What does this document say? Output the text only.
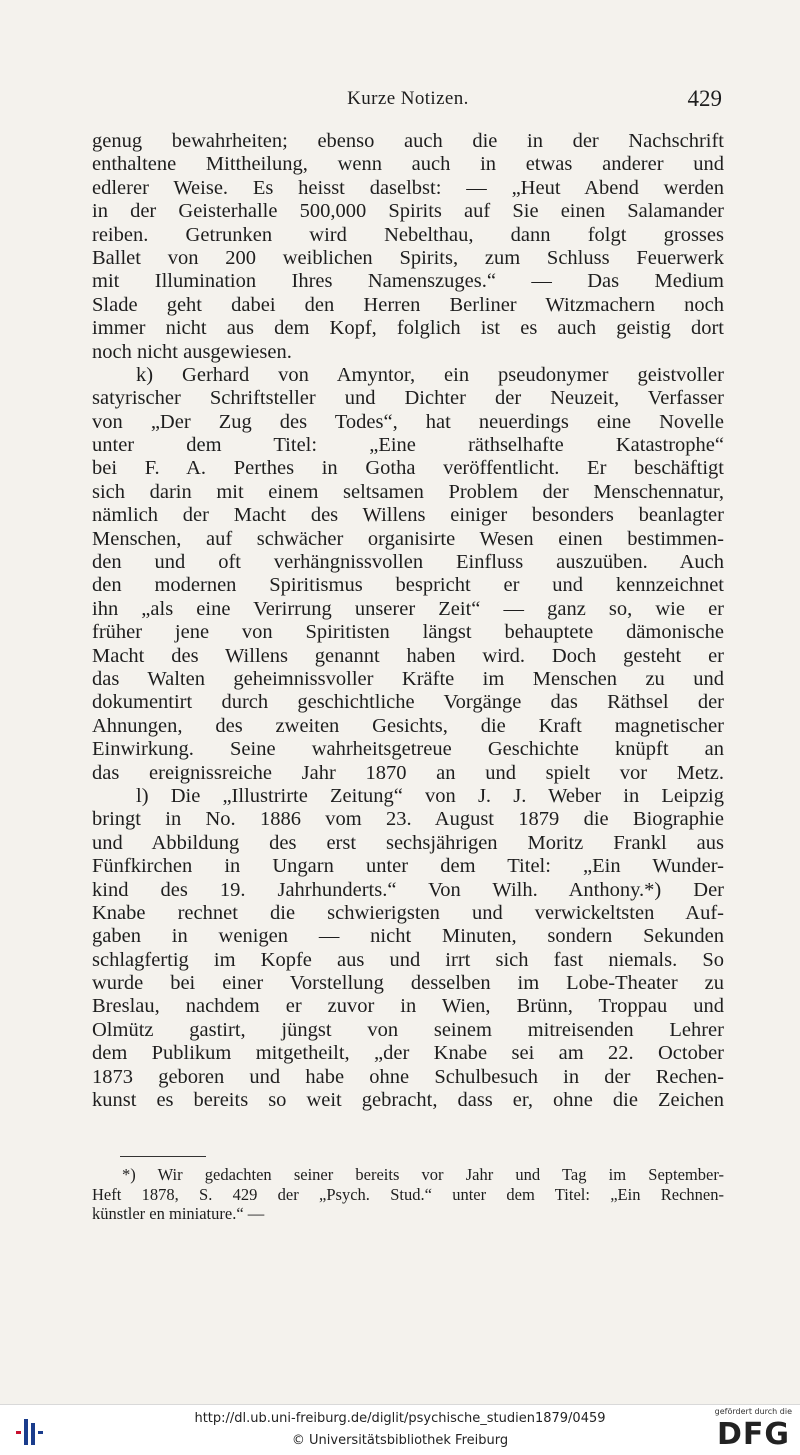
Kurze Notizen.	429
genug bewahrheiten; ebenso auch die in der Nachschrift
enthaltene Mittheilung, wenn auch in etwas anderer und
edlerer Weise. Es heisst daselbst: — „Heut Abend werden
in der Geisterhalle 500,000 Spirits auf Sie einen Salamander
reiben. Getrunken wird Nebelthau, dann folgt grosses
Ballet von 200 weiblichen Spirits, zum Schluss Feuerwerk
mit Illumination Ihres Namenszuges.“ — Das Medium
Slade geht dabei den Herren Berliner Witzmachern noch
immer nicht aus dem Kopf, folglich ist es auch geistig dort
noch nicht ausgewiesen.
k) Gerhard von Amyntor, ein pseudonymer geistvoller
satyrischer Schriftsteller und Dichter der Neuzeit, Verfasser
von „Der Zug des Todes“, hat neuerdings eine Novelle
unter dem Titel: „Eine räthselhafte Katastrophe“
bei F. A. Perthes in Gotha veröffentlicht. Er beschäftigt
sich darin mit einem seltsamen Problem der Menschennatur,
nämlich der Macht des Willens einiger besonders beanlagter
Menschen, auf schwächer organisirte Wesen einen bestimmen-
den und oft verhängnissvollen Einfluss auszuüben. Auch
den modernen Spiritismus bespricht er und kennzeichnet
ihn „als eine Verirrung unserer Zeit“ — ganz so, wie er
früher jene von Spiritisten längst behauptete dämonische
Macht des Willens genannt haben wird. Doch gesteht er
das Walten geheimnissvoller Kräfte im Menschen zu und
dokumentirt durch geschichtliche Vorgänge das Räthsel der
Ahnungen, des zweiten Gesichts, die Kraft magnetischer
Einwirkung. Seine wahrheitsgetreue Geschichte knüpft an
das ereignissreiche Jahr 1870 an und spielt vor Metz.
l) Die „Illustrirte Zeitung“ von J. J. Weber in Leipzig
bringt in No. 1886 vom 23. August 1879 die Biographie
und Abbildung des erst sechsjährigen Moritz Frankl aus
Fünfkirchen in Ungarn unter dem Titel: „Ein Wunder-
kind des 19. Jahrhunderts.“ Von Wilh. Anthony.*) Der
Knabe rechnet die schwierigsten und verwickeltsten Auf-
gaben in wenigen — nicht Minuten, sondern Sekunden
schlagfertig im Kopfe aus und irrt sich fast niemals. So
wurde bei einer Vorstellung desselben im Lobe-Theater zu
Breslau, nachdem er zuvor in Wien, Brünn, Troppau und
Olmütz gastirt, jüngst von seinem mitreisenden Lehrer
dem Publikum mitgetheilt, „der Knabe sei am 22. October
1873 geboren und habe ohne Schulbesuch in der Rechen-
kunst es bereits so weit gebracht, dass er, ohne die Zeichen
*) Wir gedachten seiner bereits vor Jahr und Tag im September-
Heft 1878, S. 429 der „Psych. Stud.“ unter dem Titel: „Ein Rechnen-
künstler en miniature.“ —
http://dl.ub.uni-freiburg.de/diglit/psychische_studien1879/0459
© Universitätsbibliothek Freiburg
gefördert durch die
DFG
